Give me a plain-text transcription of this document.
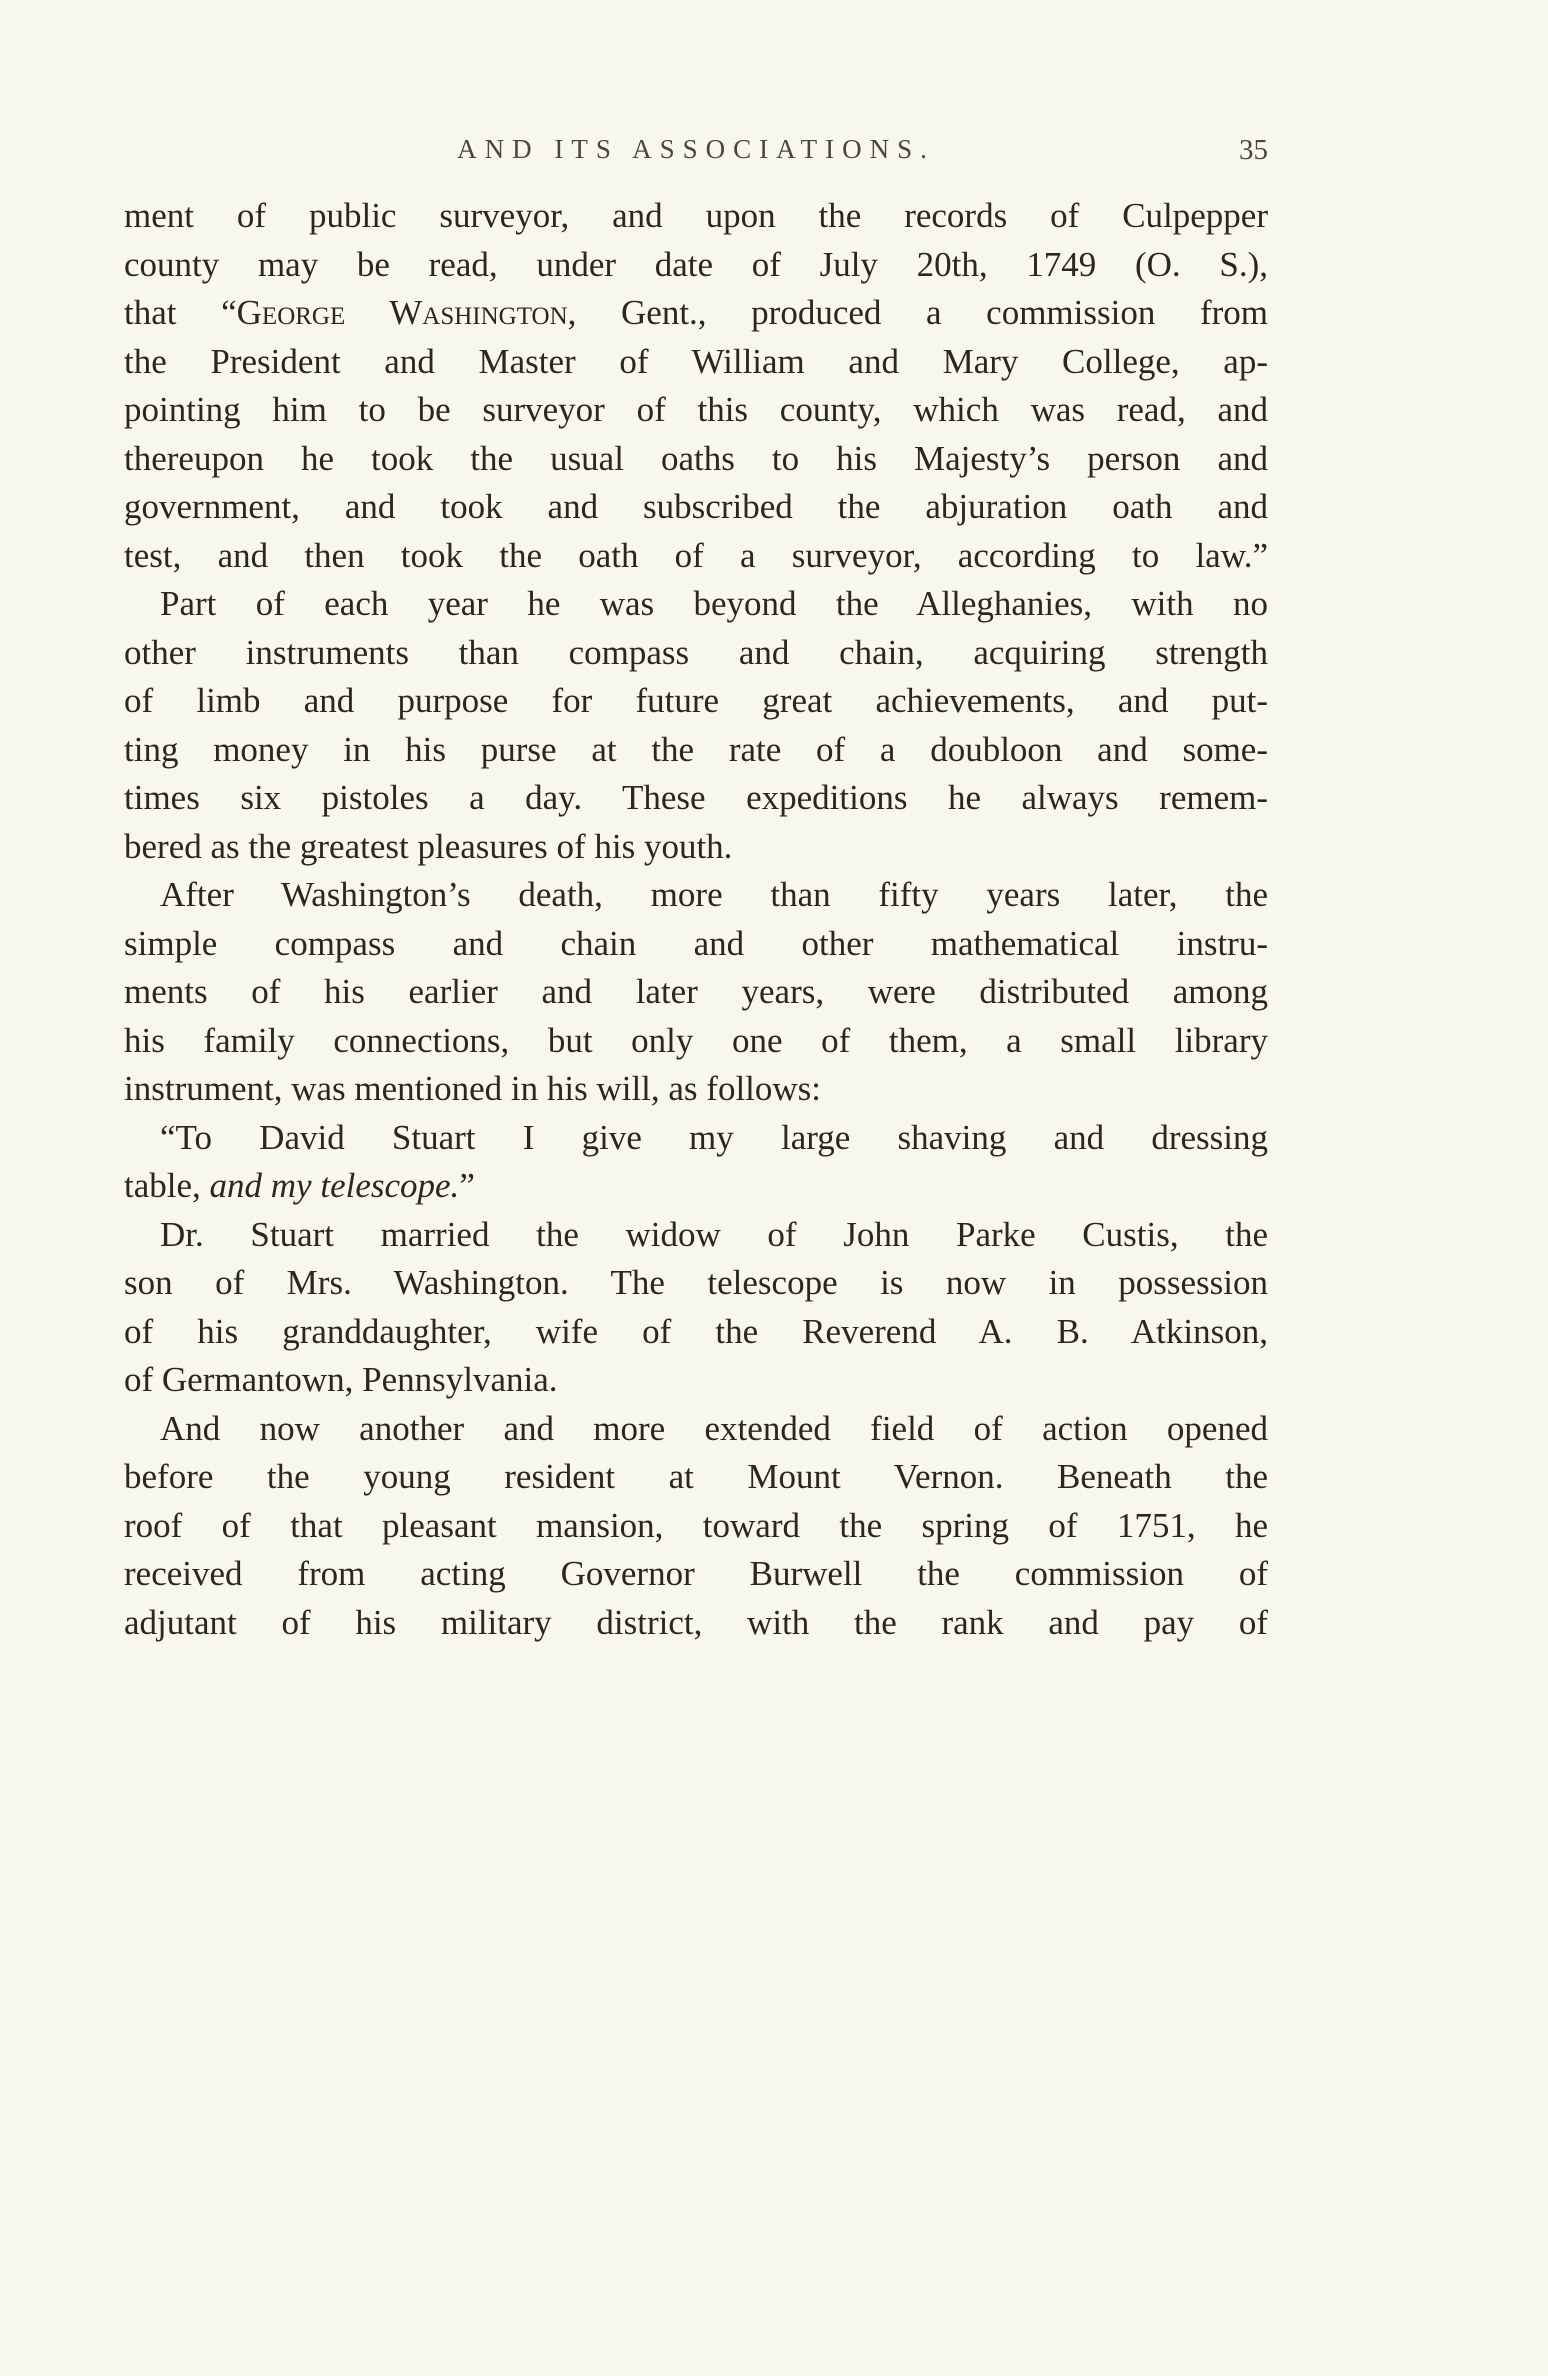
AND ITS ASSOCIATIONS.	35
ment of public surveyor, and upon the records of Culpepper
county may be read, under date of July 20th, 1749 (O. S.),
that “George Washington, Gent., produced a commission from
the President and Master of William and Mary College, ap-
pointing him to be surveyor of this county, which was read, and
thereupon he took the usual oaths to his Majesty’s person and
government, and took and subscribed the abjuration oath and
test, and then took the oath of a surveyor, according to law.”
Part of each year he was beyond the Alleghanies, with no
other instruments than compass and chain, acquiring strength
of limb and purpose for future great achievements, and put-
ting money in his purse at the rate of a doubloon and some-
times six pistoles a day. These expeditions he always remem-
bered as the greatest pleasures of his youth.
After Washington’s death, more than fifty years later, the
simple compass and chain and other mathematical instru-
ments of his earlier and later years, were distributed among
his family connections, but only one of them, a small library
instrument, was mentioned in his will, as follows:
“To David Stuart I give my large shaving and dressing
table, and my telescope.”
Dr. Stuart married the widow of John Parke Custis, the
son of Mrs. Washington. The telescope is now in possession
of his granddaughter, wife of the Reverend A. B. Atkinson,
of Germantown, Pennsylvania.
And now another and more extended field of action opened
before the young resident at Mount Vernon. Beneath the
roof of that pleasant mansion, toward the spring of 1751, he
received from acting Governor Burwell the commission of
adjutant of his military district, with the rank and pay of
